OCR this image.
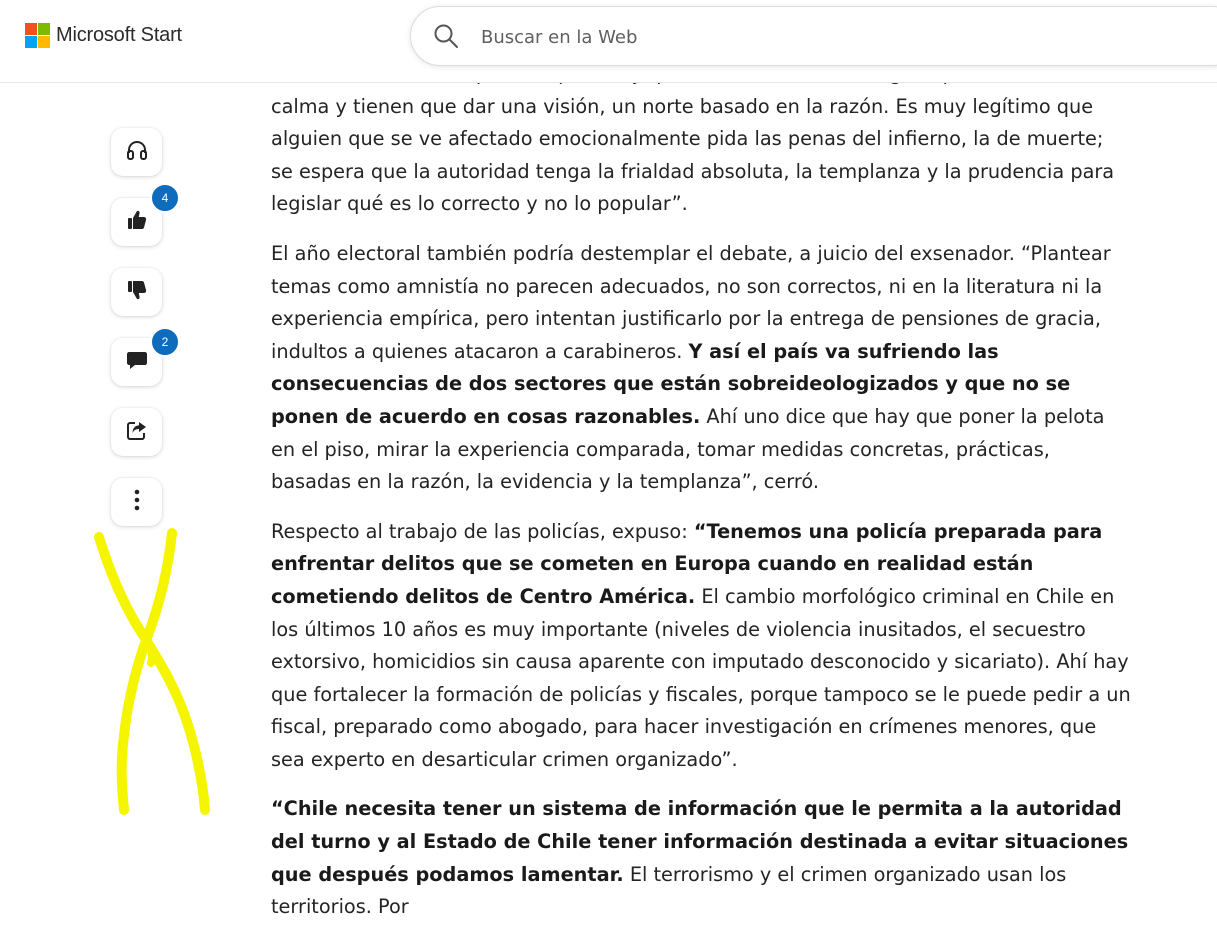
calma y tienen que dar una visión, un norte basado en la razón. Es muy legítimo que alguien que se ve afectado emocionalmente pida las penas del infierno, la de muerte; se espera que la autoridad tenga la frialdad absoluta, la templanza y la prudencia para legislar qué es lo correcto y no lo popular”.

El año electoral también podría destemplar el debate, a juicio del exsenador. “Plantear temas como amnistía no parecen adecuados, no son correctos, ni en la literatura ni la experiencia empírica, pero intentan justificarlo por la entrega de pensiones de gracia, indultos a quienes atacaron a carabineros. Y así el país va sufriendo las consecuencias de dos sectores que están sobreideologizados y que no se ponen de acuerdo en cosas razonables. Ahí uno dice que hay que poner la pelota en el piso, mirar la experiencia comparada, tomar medidas concretas, prácticas, basadas en la razón, la evidencia y la templanza”, cerró.

Respecto al trabajo de las policías, expuso: “Tenemos una policía preparada para enfrentar delitos que se cometen en Europa cuando en realidad están cometiendo delitos de Centro América. El cambio morfológico criminal en Chile en los últimos 10 años es muy importante (niveles de violencia inusitados, el secuestro extorsivo, homicidios sin causa aparente con imputado desconocido y sicariato). Ahí hay que fortalecer la formación de policías y fiscales, porque tampoco se le puede pedir a un fiscal, preparado como abogado, para hacer investigación en crímenes menores, que sea experto en desarticular crimen organizado”.

“Chile necesita tener un sistema de información que le permita a la autoridad del turno y al Estado de Chile tener información destinada a evitar situaciones que después podamos lamentar. El terrorismo y el crimen organizado usan los territorios. Por

Microsoft Start
Buscar en la Web
4
2
